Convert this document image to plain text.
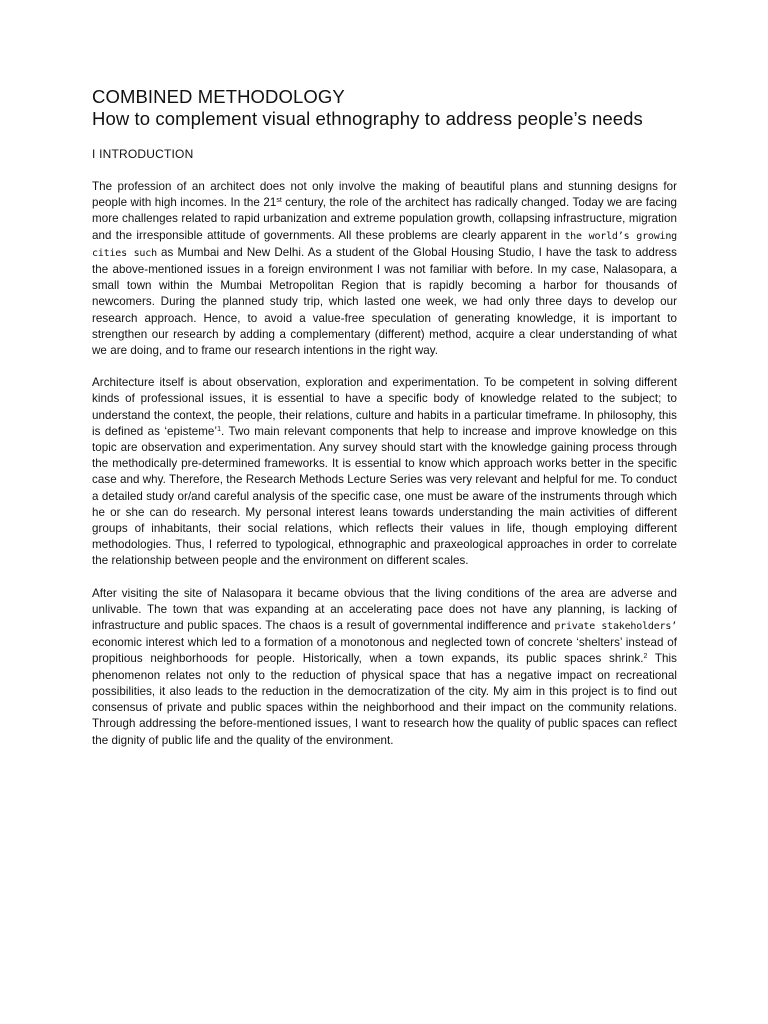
COMBINED METHODOLOGY
How to complement visual ethnography to address people’s needs
I INTRODUCTION

The profession of an architect does not only involve the making of beautiful plans and stunning designs for people with high incomes. In the 21st century, the role of the architect has radically changed. Today we are facing more challenges related to rapid urbanization and extreme population growth, collapsing infrastructure, migration and the irresponsible attitude of governments. All these problems are clearly apparent in the world’s growing cities such as Mumbai and New Delhi. As a student of the Global Housing Studio, I have the task to address the above-mentioned issues in a foreign environment I was not familiar with before. In my case, Nalasopara, a small town within the Mumbai Metropolitan Region that is rapidly becoming a harbor for thousands of newcomers. During the planned study trip, which lasted one week, we had only three days to develop our research approach. Hence, to avoid a value-free speculation of generating knowledge, it is important to strengthen our research by adding a complementary (different) method, acquire a clear understanding of what we are doing, and to frame our research intentions in the right way.

Architecture itself is about observation, exploration and experimentation. To be competent in solving different kinds of professional issues, it is essential to have a specific body of knowledge related to the subject; to understand the context, the people, their relations, culture and habits in a particular timeframe. In philosophy, this is defined as ‘episteme’$^1$. Two main relevant components that help to increase and improve knowledge on this topic are observation and experimentation. Any survey should start with the knowledge gaining process through the methodically pre-determined frameworks. It is essential to know which approach works better in the specific case and why. Therefore, the Research Methods Lecture Series was very relevant and helpful for me. To conduct a detailed study or/and careful analysis of the specific case, one must be aware of the instruments through which he or she can do research. My personal interest leans towards understanding the main activities of different groups of inhabitants, their social relations, which reflects their values in life, though employing different methodologies. Thus, I referred to typological, ethnographic and praxeological approaches in order to correlate the relationship between people and the environment on different scales.

After visiting the site of Nalasopara it became obvious that the living conditions of the area are adverse and unlivable. The town that was expanding at an accelerating pace does not have any planning, is lacking of infrastructure and public spaces. The chaos is a result of governmental indifference and private stakeholders’ economic interest which led to a formation of a monotonous and neglected town of concrete ‘shelters’ instead of propitious neighborhoods for people. Historically, when a town expands, its public spaces shrink.$^2$ This phenomenon relates not only to the reduction of physical space that has a negative impact on recreational possibilities, it also leads to the reduction in the democratization of the city. My aim in this project is to find out consensus of private and public spaces within the neighborhood and their impact on the community relations. Through addressing the before-mentioned issues, I want to research how the quality of public spaces can reflect the dignity of public life and the quality of the environment.
